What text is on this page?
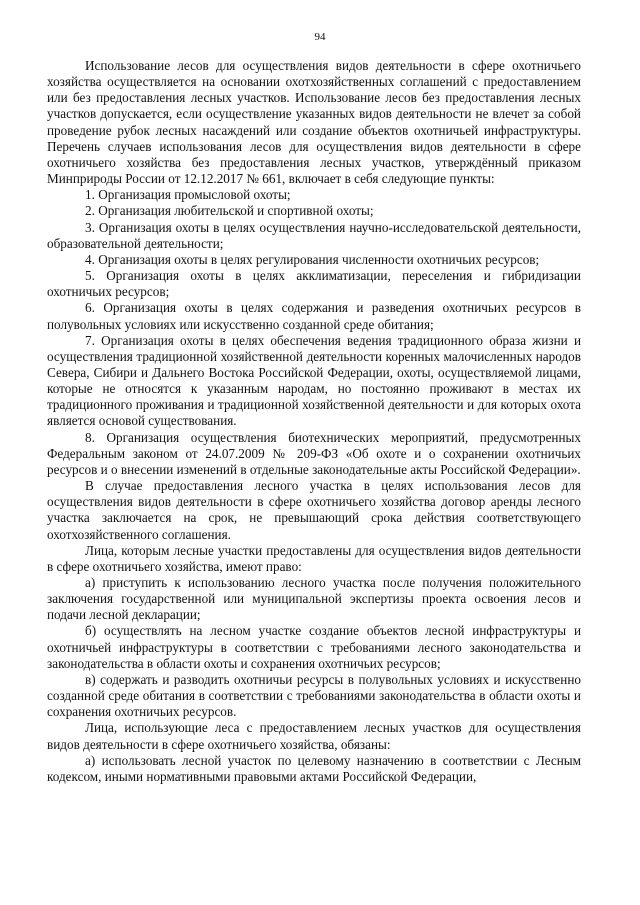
94

Использование лесов для осуществления видов деятельности в сфере охотничьего хозяйства осуществляется на основании охотхозяйственных соглашений с предоставлением или без предоставления лесных участков. Использование лесов без предоставления лесных участков допускается, если осуществление указанных видов деятельности не влечет за собой проведение рубок лесных насаждений или создание объектов охотничьей инфраструктуры. Перечень случаев использования лесов для осуществления видов деятельности в сфере охотничьего хозяйства без предоставления лесных участков, утверждённый приказом Минприроды России от 12.12.2017 № 661, включает в себя следующие пункты:

1. Организация промысловой охоты;

2. Организация любительской и спортивной охоты;

3. Организация охоты в целях осуществления научно-исследовательской деятельности, образовательной деятельности;

4. Организация охоты в целях регулирования численности охотничьих ресурсов;

5. Организация охоты в целях акклиматизации, переселения и гибридизации охотничьих ресурсов;

6. Организация охоты в целях содержания и разведения охотничьих ресурсов в полувольных условиях или искусственно созданной среде обитания;

7. Организация охоты в целях обеспечения ведения традиционного образа жизни и осуществления традиционной хозяйственной деятельности коренных малочисленных народов Севера, Сибири и Дальнего Востока Российской Федерации, охоты, осуществляемой лицами, которые не относятся к указанным народам, но постоянно проживают в местах их традиционного проживания и традиционной хозяйственной деятельности и для которых охота является основой существования.

8. Организация осуществления биотехнических мероприятий, предусмотренных Федеральным законом от 24.07.2009 № 209-ФЗ «Об охоте и о сохранении охотничьих ресурсов и о внесении изменений в отдельные законодательные акты Российской Федерации».

В случае предоставления лесного участка в целях использования лесов для осуществления видов деятельности в сфере охотничьего хозяйства договор аренды лесного участка заключается на срок, не превышающий срока действия соответствующего охотхозяйственного соглашения.

Лица, которым лесные участки предоставлены для осуществления видов деятельности в сфере охотничьего хозяйства, имеют право:

а) приступить к использованию лесного участка после получения положительного заключения государственной или муниципальной экспертизы проекта освоения лесов и подачи лесной декларации;

б) осуществлять на лесном участке создание объектов лесной инфраструктуры и охотничьей инфраструктуры в соответствии с требованиями лесного законодательства и законодательства в области охоты и сохранения охотничьих ресурсов;

в) содержать и разводить охотничьи ресурсы в полувольных условиях и искусственно созданной среде обитания в соответствии с требованиями законодательства в области охоты и сохранения охотничьих ресурсов.

Лица, использующие леса с предоставлением лесных участков для осуществления видов деятельности в сфере охотничьего хозяйства, обязаны:

а) использовать лесной участок по целевому назначению в соответствии с Лесным кодексом, иными нормативными правовыми актами Российской Федерации,
